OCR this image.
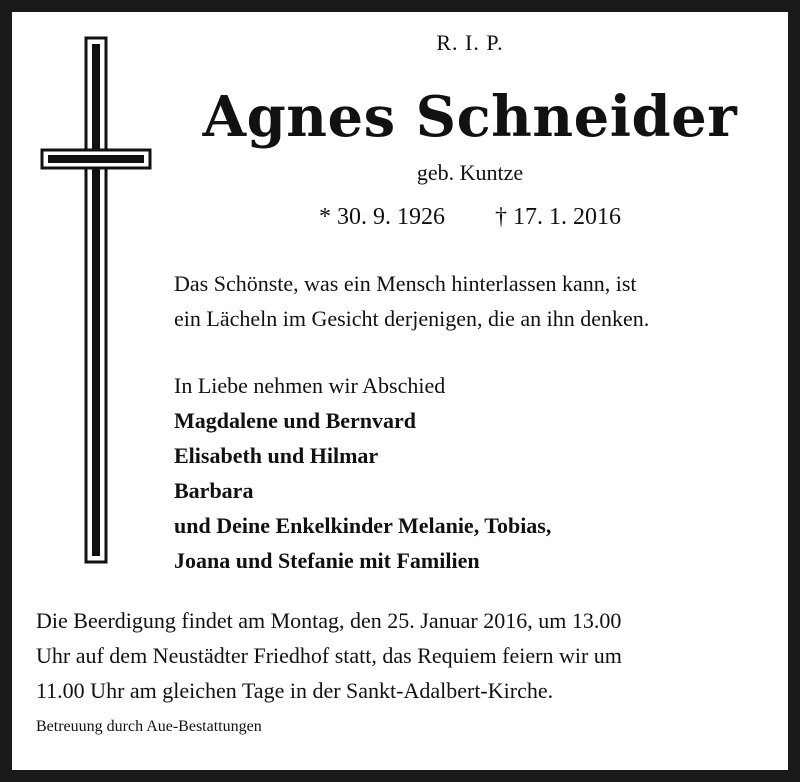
R. I. P.

Agnes Schneider

geb. Kuntze

* 30. 9. 1926 † 17. 1. 2016

Das Schönste, was ein Mensch hinterlassen kann, ist
ein Lächeln im Gesicht derjenigen, die an ihn denken.
In Liebe nehmen wir Abschied
Magdalene und Bernvard
Elisabeth und Hilmar
Barbara
und Deine Enkelkinder Melanie, Tobias,
Joana und Stefanie mit Familien
Die Beerdigung findet am Montag, den 25. Januar 2016, um 13.00
Uhr auf dem Neustädter Friedhof statt, das Requiem feiern wir um
11.00 Uhr am gleichen Tage in der Sankt-Adalbert-Kirche.

Betreuung durch Aue-Bestattungen
